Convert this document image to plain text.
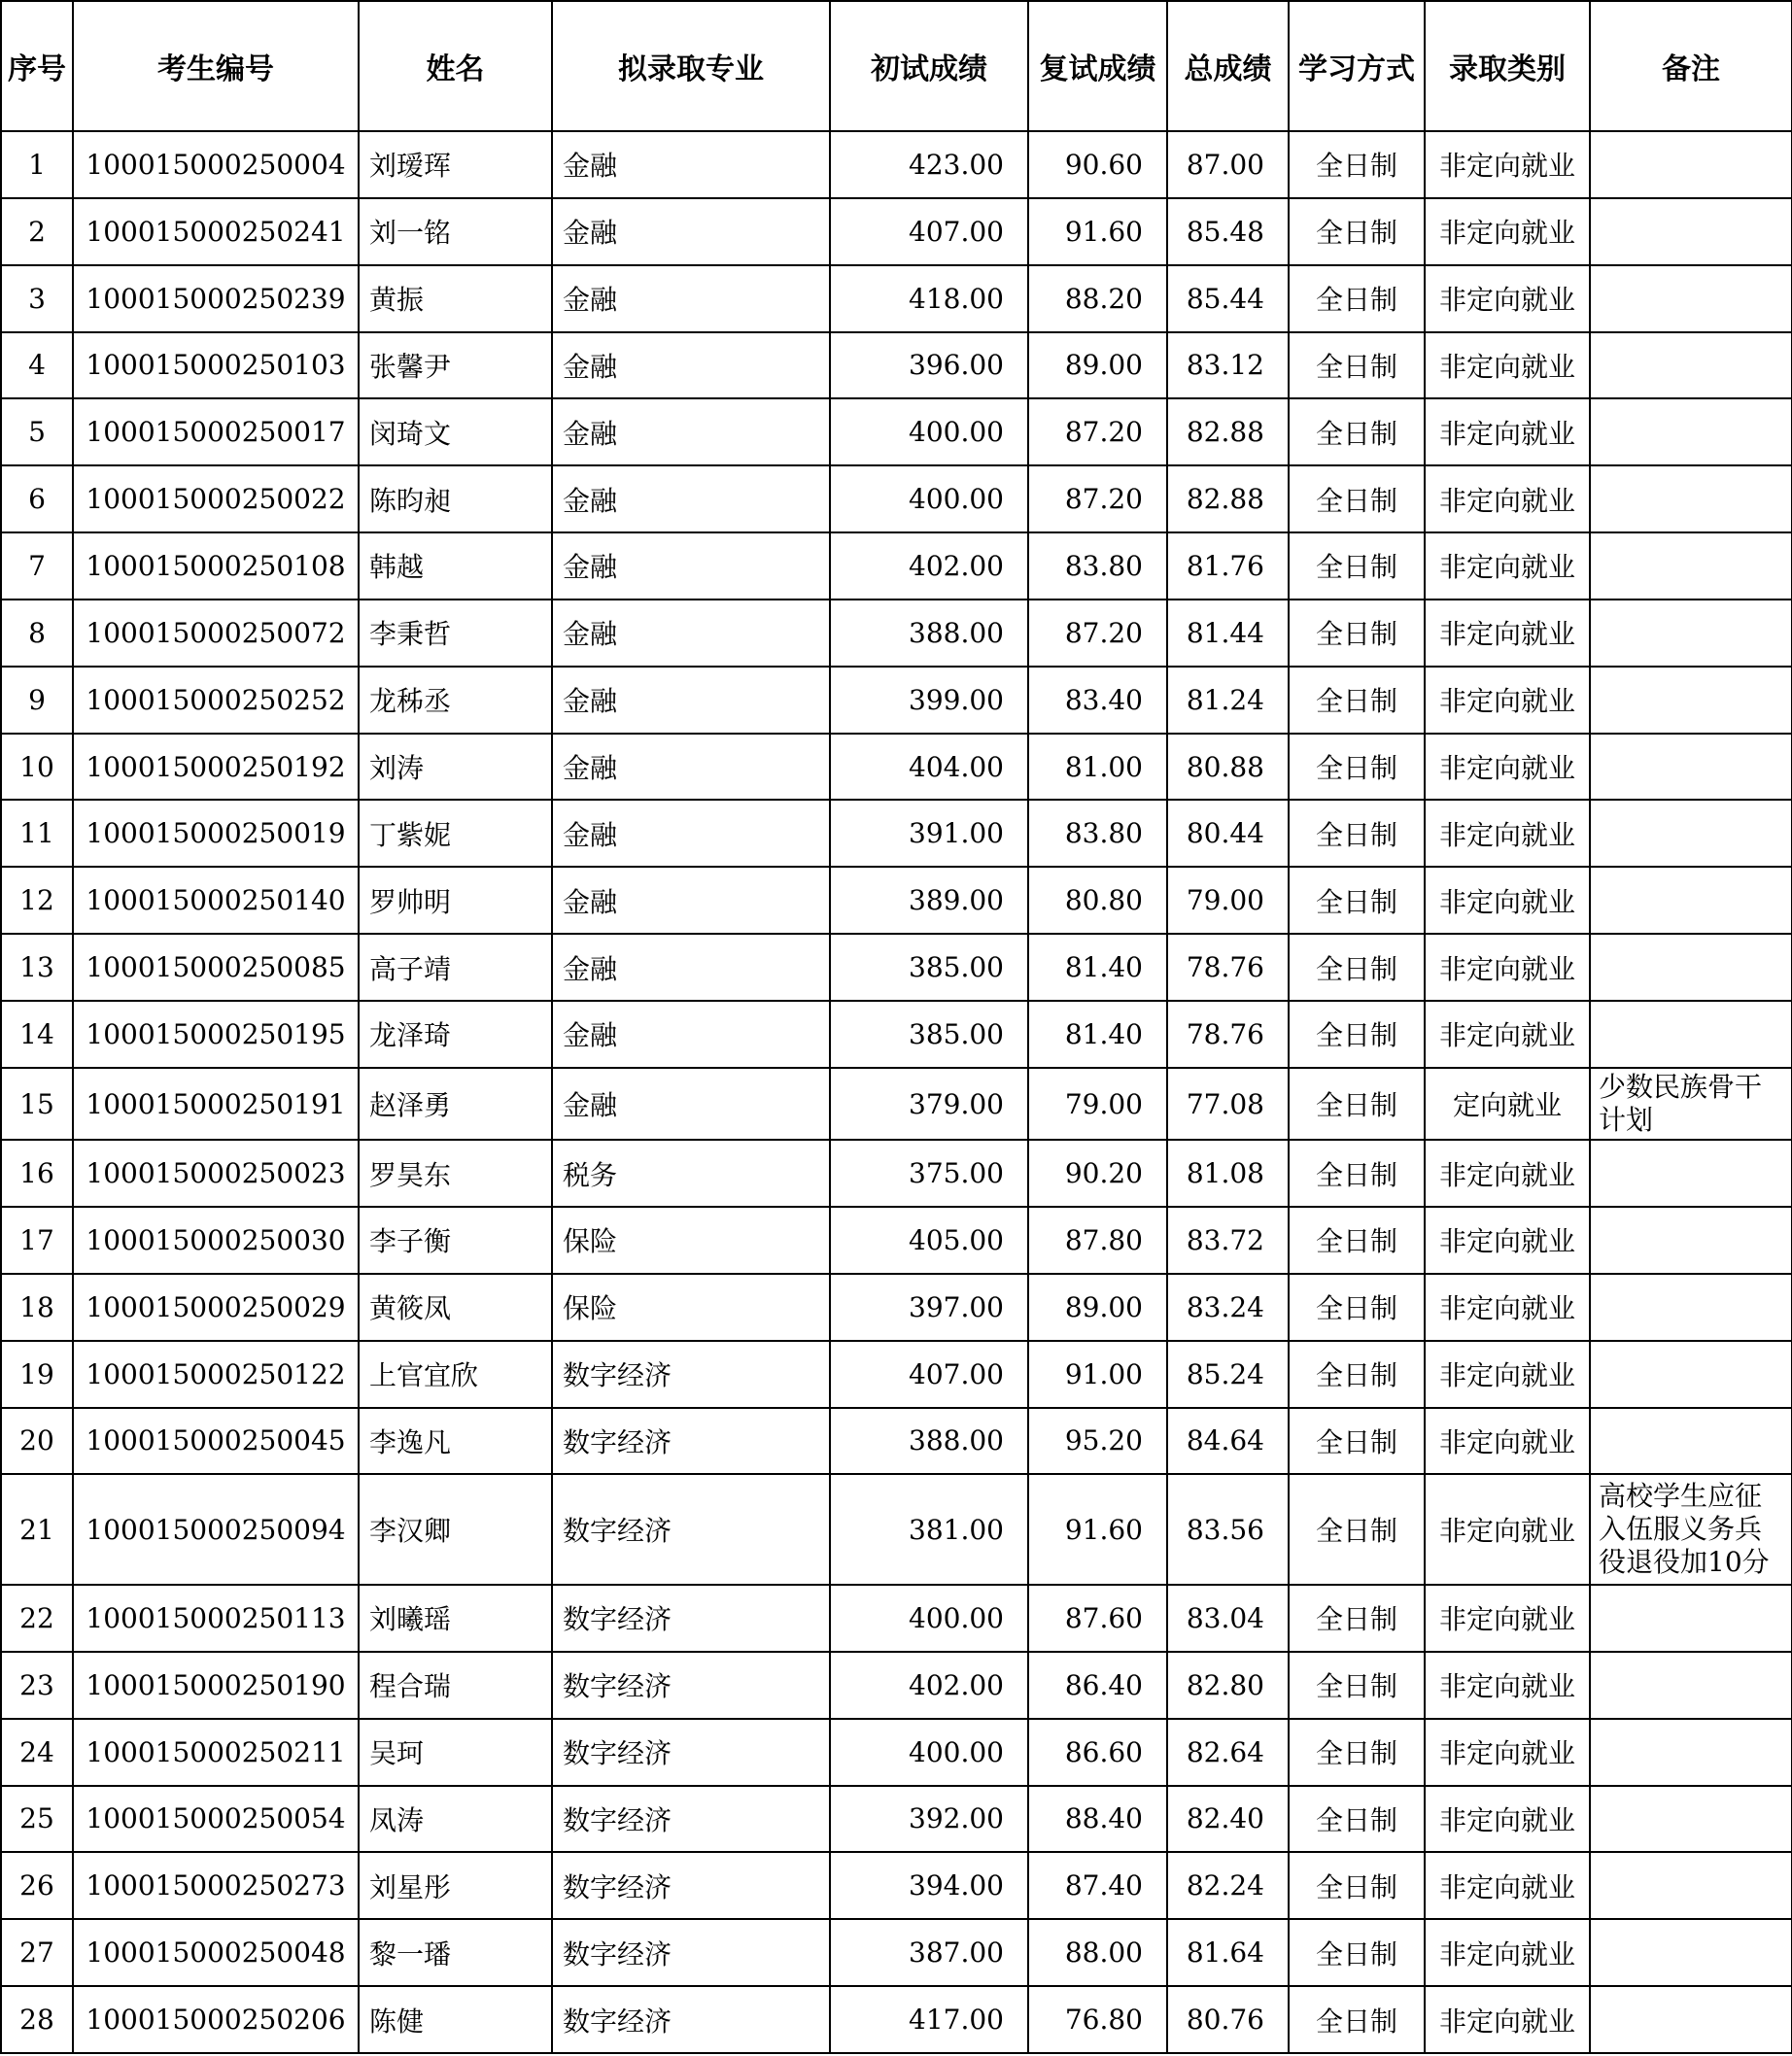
序号	考生编号	姓名	拟录取专业	初试成绩	复试成绩	总成绩	学习方式	录取类别	备注
1	100015000250004	刘瑷珲	金融	423.00	90.60	87.00	全日制	非定向就业	
2	100015000250241	刘一铭	金融	407.00	91.60	85.48	全日制	非定向就业	
3	100015000250239	黄振	金融	418.00	88.20	85.44	全日制	非定向就业	
4	100015000250103	张馨尹	金融	396.00	89.00	83.12	全日制	非定向就业	
5	100015000250017	闵琦文	金融	400.00	87.20	82.88	全日制	非定向就业	
6	100015000250022	陈昀昶	金融	400.00	87.20	82.88	全日制	非定向就业	
7	100015000250108	韩越	金融	402.00	83.80	81.76	全日制	非定向就业	
8	100015000250072	李秉哲	金融	388.00	87.20	81.44	全日制	非定向就业	
9	100015000250252	龙秭丞	金融	399.00	83.40	81.24	全日制	非定向就业	
10	100015000250192	刘涛	金融	404.00	81.00	80.88	全日制	非定向就业	
11	100015000250019	丁紫妮	金融	391.00	83.80	80.44	全日制	非定向就业	
12	100015000250140	罗帅明	金融	389.00	80.80	79.00	全日制	非定向就业	
13	100015000250085	高子靖	金融	385.00	81.40	78.76	全日制	非定向就业	
14	100015000250195	龙泽琦	金融	385.00	81.40	78.76	全日制	非定向就业	
15	100015000250191	赵泽勇	金融	379.00	79.00	77.08	全日制	定向就业	少数民族骨干计划
16	100015000250023	罗昊东	税务	375.00	90.20	81.08	全日制	非定向就业	
17	100015000250030	李子衡	保险	405.00	87.80	83.72	全日制	非定向就业	
18	100015000250029	黄筱凤	保险	397.00	89.00	83.24	全日制	非定向就业	
19	100015000250122	上官宜欣	数字经济	407.00	91.00	85.24	全日制	非定向就业	
20	100015000250045	李逸凡	数字经济	388.00	95.20	84.64	全日制	非定向就业	
21	100015000250094	李汉卿	数字经济	381.00	91.60	83.56	全日制	非定向就业	高校学生应征入伍服义务兵役退役加10分
22	100015000250113	刘曦瑶	数字经济	400.00	87.60	83.04	全日制	非定向就业	
23	100015000250190	程合瑞	数字经济	402.00	86.40	82.80	全日制	非定向就业	
24	100015000250211	吴珂	数字经济	400.00	86.60	82.64	全日制	非定向就业	
25	100015000250054	凤涛	数字经济	392.00	88.40	82.40	全日制	非定向就业	
26	100015000250273	刘星彤	数字经济	394.00	87.40	82.24	全日制	非定向就业	
27	100015000250048	黎一璠	数字经济	387.00	88.00	81.64	全日制	非定向就业	
28	100015000250206	陈健	数字经济	417.00	76.80	80.76	全日制	非定向就业	
